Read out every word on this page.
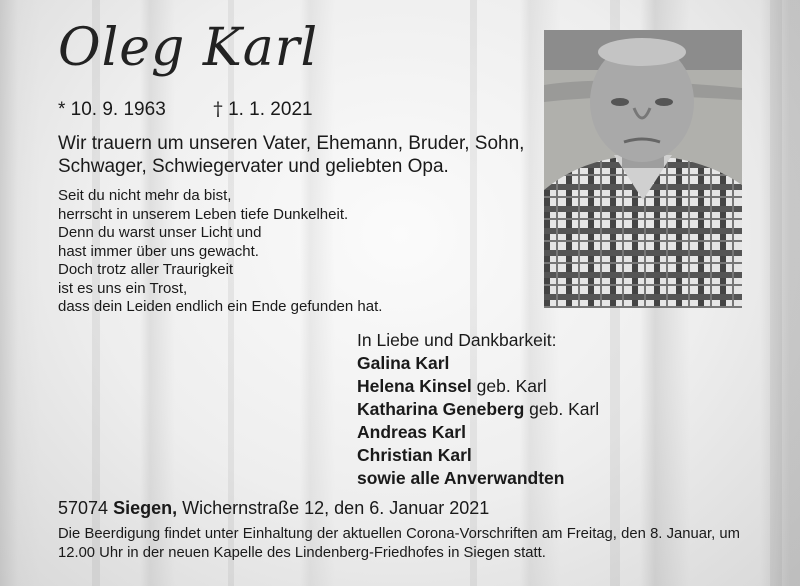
Oleg Karl
* 10. 9. 1963	† 1. 1. 2021
Wir trauern um unseren Vater, Ehemann, Bruder, Sohn,
Schwager, Schwiegervater und geliebten Opa.
Seit du nicht mehr da bist,
herrscht in unserem Leben tiefe Dunkelheit.
Denn du warst unser Licht und
hast immer über uns gewacht.
Doch trotz aller Traurigkeit
ist es uns ein Trost,
dass dein Leiden endlich ein Ende gefunden hat.
In Liebe und Dankbarkeit:
Galina Karl
Helena Kinsel geb. Karl
Katharina Geneberg geb. Karl
Andreas Karl
Christian Karl
sowie alle Anverwandten
57074 Siegen, Wichernstraße 12, den 6. Januar 2021
Die Beerdigung findet unter Einhaltung der aktuellen Corona-Vorschriften am Freitag, den 8. Januar, um 12.00 Uhr in der neuen Kapelle des Lindenberg-Friedhofes in Siegen statt.
